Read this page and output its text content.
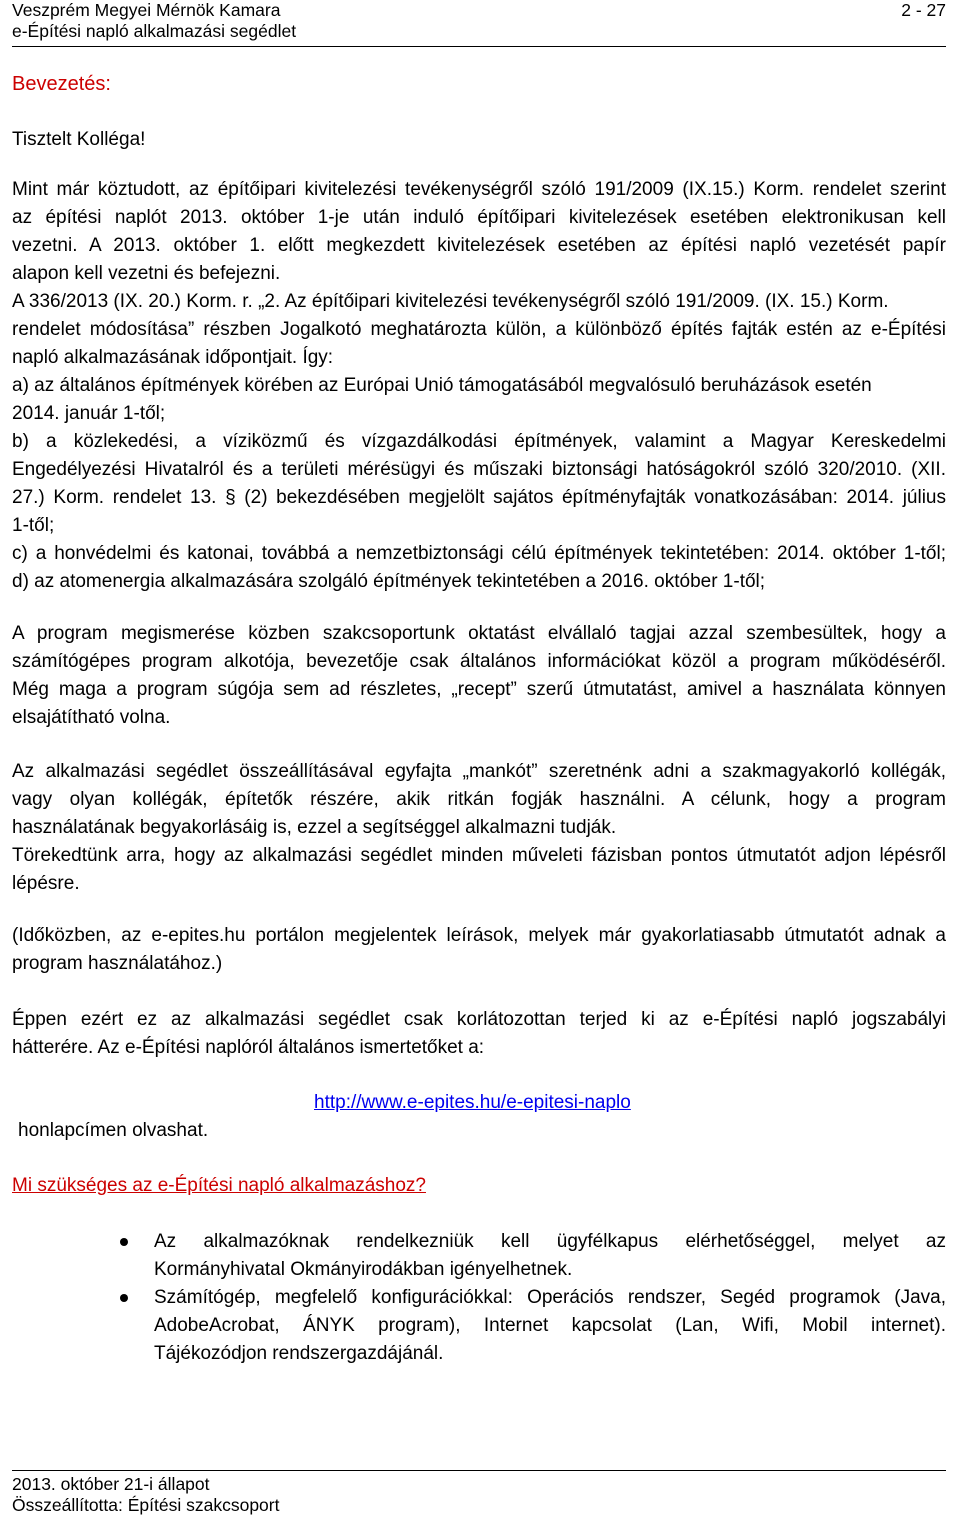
Veszprém Megyei Mérnök Kamara	2 - 27
e-Építési napló alkalmazási segédlet

Bevezetés:

Tisztelt Kolléga!

Mint már köztudott, az építőipari kivitelezési tevékenységről szóló 191/2009 (IX.15.) Korm. rendelet szerint

az építési naplót 2013. október 1-je után induló építőipari kivitelezések esetében elektronikusan kell

vezetni. A 2013. október 1. előtt megkezdett kivitelezések esetében az építési napló vezetését papír

alapon kell vezetni és befejezni.

A 336/2013 (IX. 20.) Korm. r. „2. Az építőipari kivitelezési tevékenységről szóló 191/2009. (IX. 15.) Korm.

rendelet módosítása” részben Jogalkotó meghatározta külön, a különböző építés fajták estén az e-Építési

napló alkalmazásának időpontjait. Így:

a) az általános építmények körében az Európai Unió támogatásából megvalósuló beruházások esetén

2014. január 1-től;

b) a közlekedési, a víziközmű és vízgazdálkodási építmények, valamint a Magyar Kereskedelmi

Engedélyezési Hivatalról és a területi mérésügyi és műszaki biztonsági hatóságokról szóló 320/2010. (XII.

27.) Korm. rendelet 13. § (2) bekezdésében megjelölt sajátos építményfajták vonatkozásában: 2014. július

1-től;

c) a honvédelmi és katonai, továbbá a nemzetbiztonsági célú építmények tekintetében: 2014. október 1-től;

d) az atomenergia alkalmazására szolgáló építmények tekintetében a 2016. október 1-től;

A program megismerése közben szakcsoportunk oktatást elvállaló tagjai azzal szembesültek, hogy a

számítógépes program alkotója, bevezetője csak általános információkat közöl a program működéséről.

Még maga a program súgója sem ad részletes, „recept” szerű útmutatást, amivel a használata könnyen

elsajátítható volna.

Az alkalmazási segédlet összeállításával egyfajta „mankót” szeretnénk adni a szakmagyakorló kollégák,

vagy olyan kollégák, építetők részére, akik ritkán fogják használni. A célunk, hogy a program

használatának begyakorlásáig is, ezzel a segítséggel alkalmazni tudják.

Törekedtünk arra, hogy az alkalmazási segédlet minden műveleti fázisban pontos útmutatót adjon lépésről

lépésre.

(Időközben, az e-epites.hu portálon megjelentek leírások, melyek már gyakorlatiasabb útmutatót adnak a

program használatához.)

Éppen ezért ez az alkalmazási segédlet csak korlátozottan terjed ki az e-Építési napló jogszabályi

hátterére. Az e-Építési naplóról általános ismertetőket a:

http://www.e-epites.hu/e-epitesi-naplo

honlapcímen olvashat.

Mi szükséges az e-Építési napló alkalmazáshoz?

Az alkalmazóknak rendelkezniük kell ügyfélkapus elérhetőséggel, melyet az

Kormányhivatal Okmányirodákban igényelhetnek.

Számítógép, megfelelő konfigurációkkal: Operációs rendszer, Segéd programok (Java,

AdobeAcrobat, ÁNYK program), Internet kapcsolat (Lan, Wifi, Mobil internet).

Tájékozódjon rendszergazdájánál.

2013. október 21-i állapot
Összeállította: Építési szakcsoport
